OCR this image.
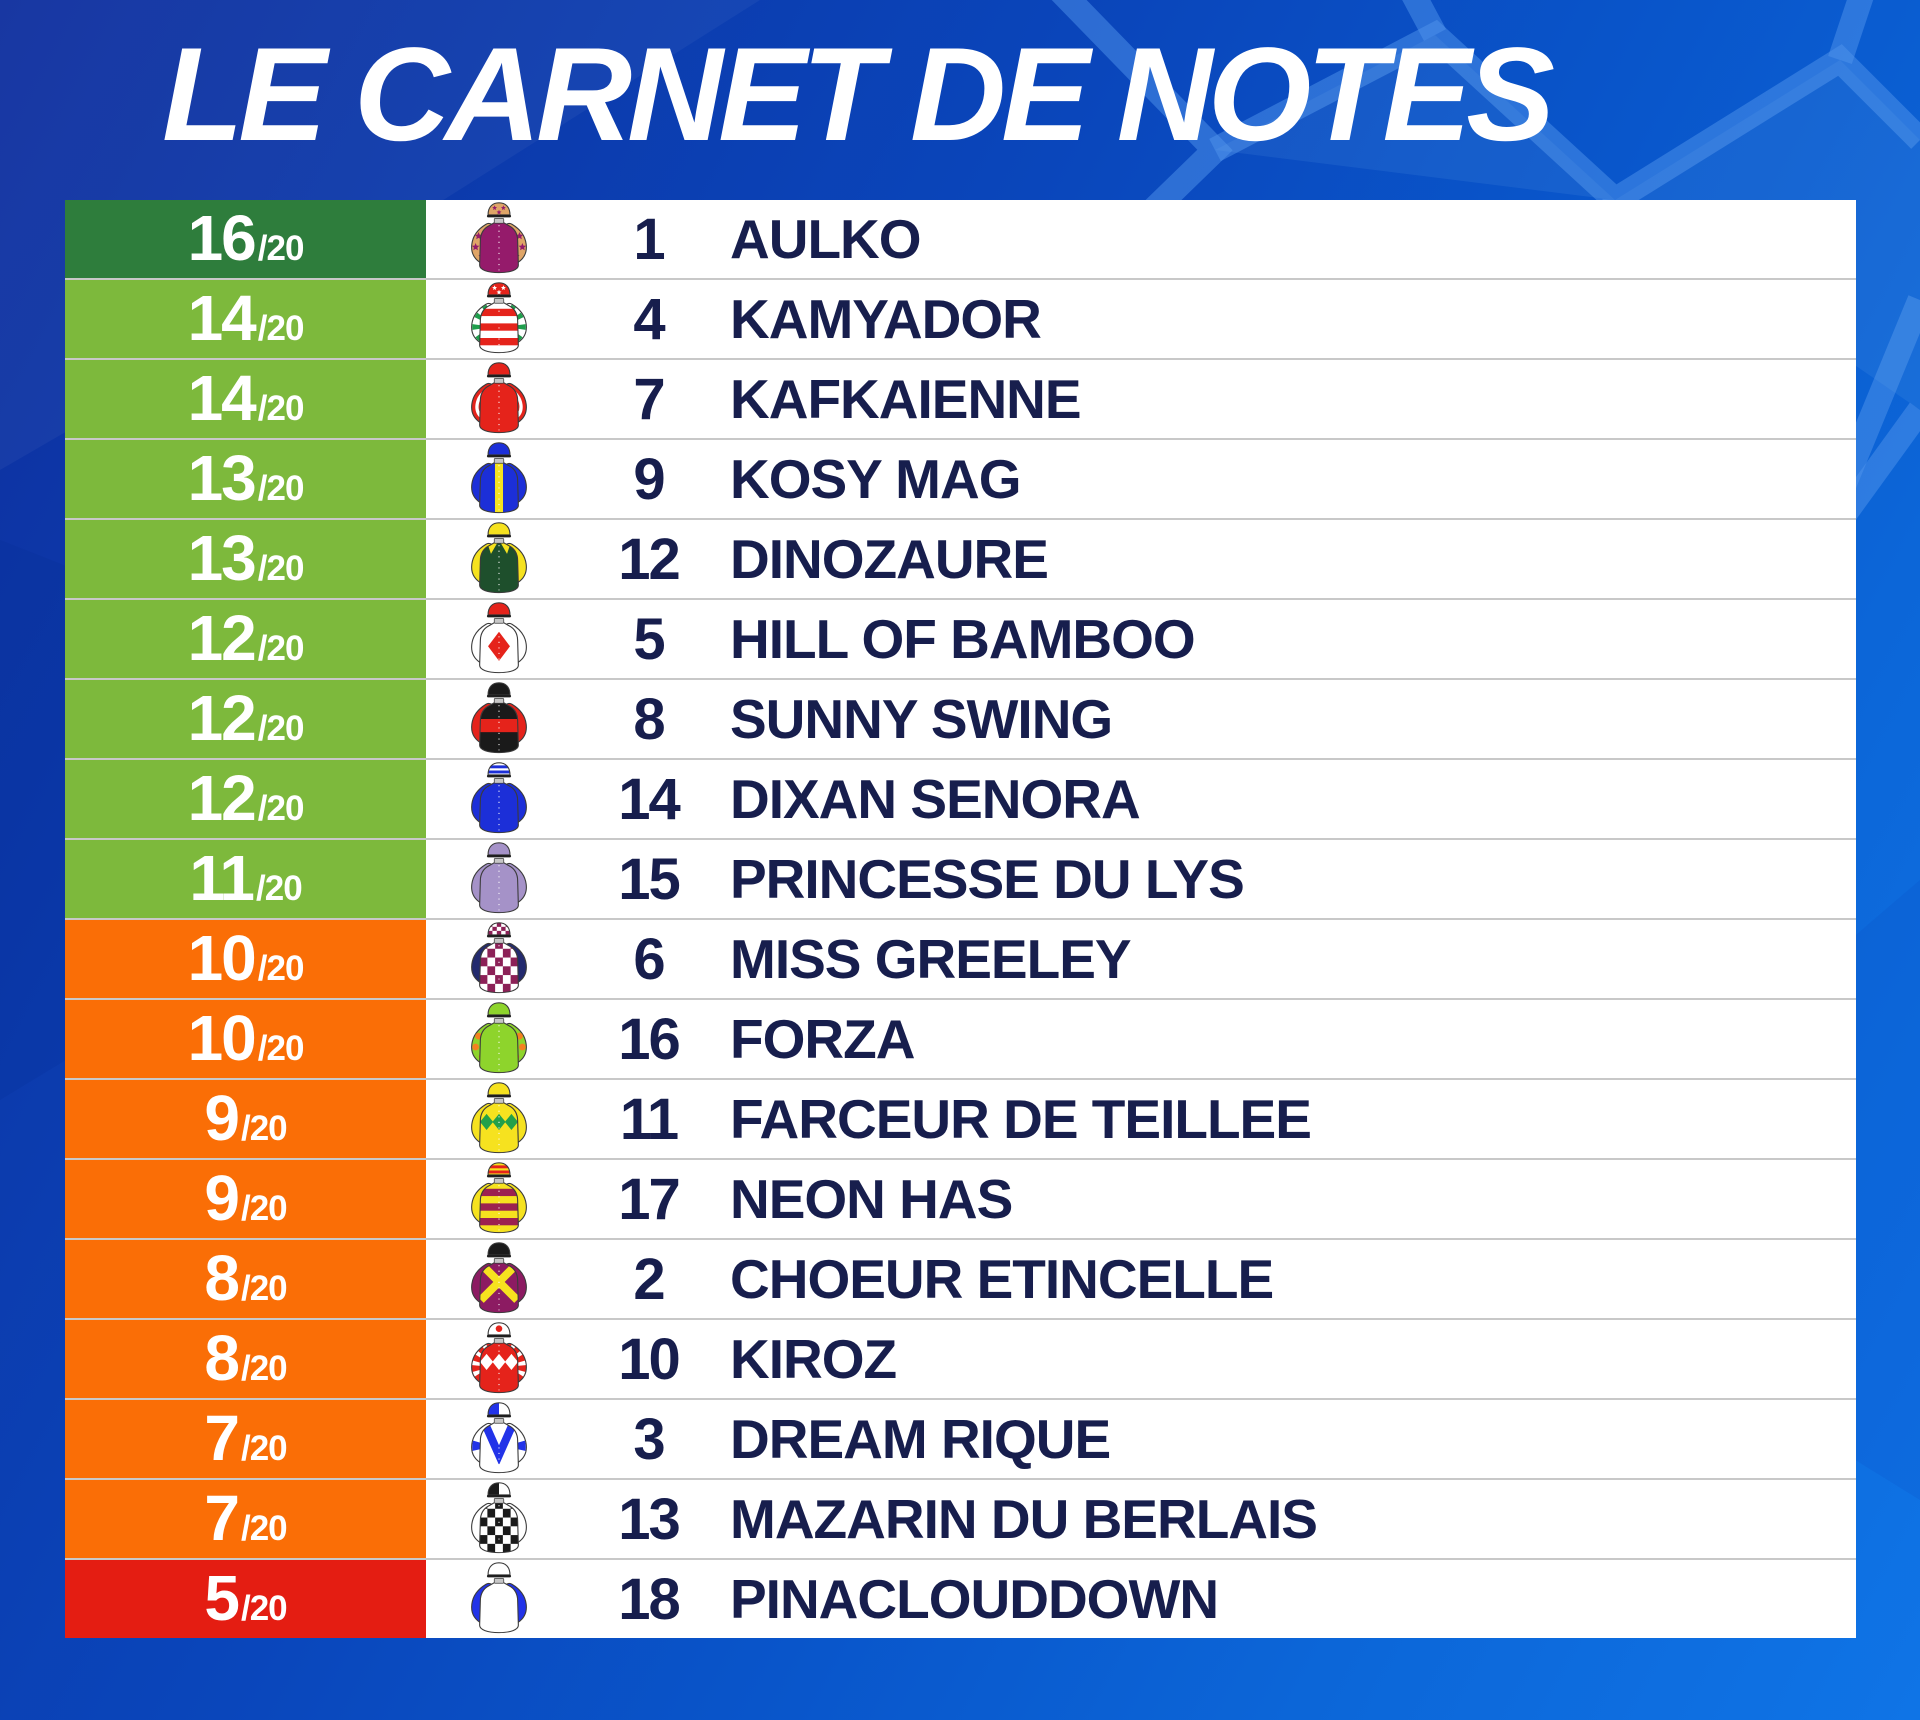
LE CARNET DE NOTES
16/20	1	AULKO
14/20	4	KAMYADOR
14/20	7	KAFKAIENNE
13/20	9	KOSY MAG
13/20	12 DINOZAURE
12/20	5	HILL OF BAMBOO
12/20	8	SUNNY SWING
12/20	14 DIXAN SENORA
11/20	15 PRINCESSE DU LYS
10/20	6	MISS GREELEY
10/20	16 FORZA
9/20	11 FARCEUR DE TEILLEE
9/20	17 NEON HAS
8/20	2	CHOEUR ETINCELLE
8/20	10 KIROZ
7/20	3	DREAM RIQUE
7/20	13 MAZARIN DU BERLAIS
5/20	18 PINACLOUDDOWN
